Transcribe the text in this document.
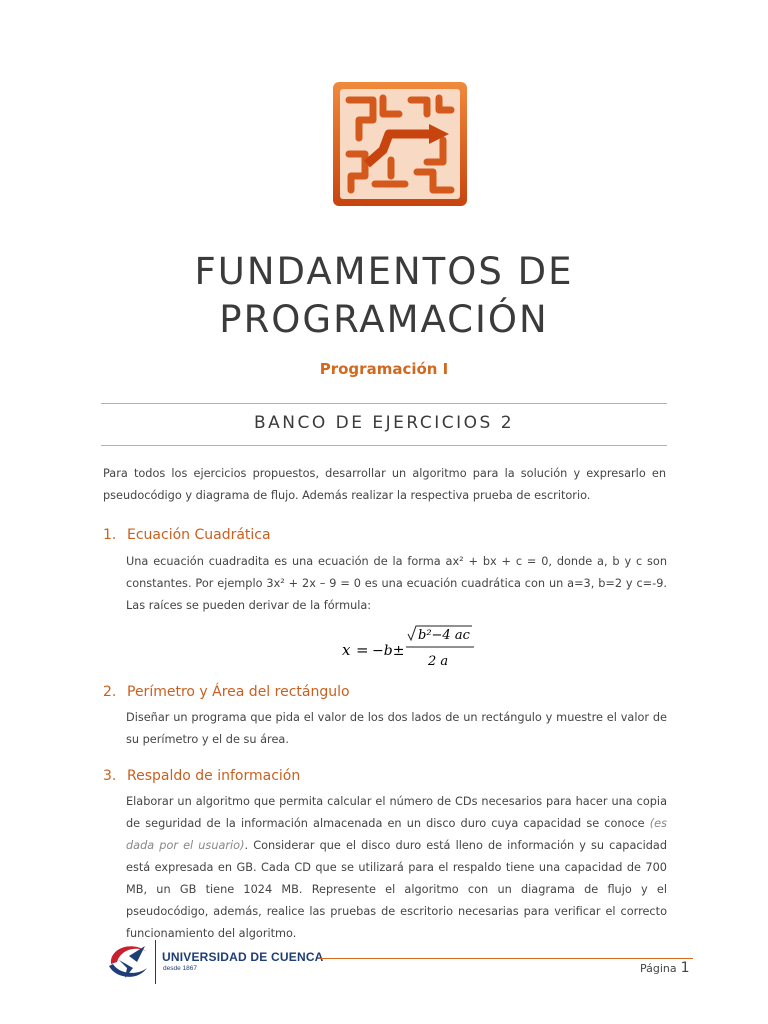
FUNDAMENTOS DE
PROGRAMACIÓN
Programación I
BANCO DE EJERCICIOS 2
Para todos los ejercicios propuestos, desarrollar un algoritmo para la solución y expresarlo en pseudocódigo y diagrama de flujo. Además realizar la respectiva prueba de escritorio.
1. Ecuación Cuadrática
Una ecuación cuadradita es una ecuación de la forma ax² + bx + c = 0, donde a, b y c son constantes. Por ejemplo 3x² + 2x – 9 = 0 es una ecuación cuadrática con un a=3, b=2 y c=-9. Las raíces se pueden derivar de la fórmula:
x = −b±
b²−4 ac
2 a
2. Perímetro y Área del rectángulo
Diseñar un programa que pida el valor de los dos lados de un rectángulo y muestre el valor de su perímetro y el de su área.
3. Respaldo de información
Elaborar un algoritmo que permita calcular el número de CDs necesarios para hacer una copia de seguridad de la información almacenada en un disco duro cuya capacidad se conoce (es dada por el usuario). Considerar que el disco duro está lleno de información y su capacidad está expresada en GB. Cada CD que se utilizará para el respaldo tiene una capacidad de 700 MB, un GB tiene 1024 MB. Represente el algoritmo con un diagrama de flujo y el pseudocódigo, además, realice las pruebas de escritorio necesarias para verificar el correcto funcionamiento del algoritmo.
UNIVERSIDAD DE CUENCA
desde 1867	Página 1
